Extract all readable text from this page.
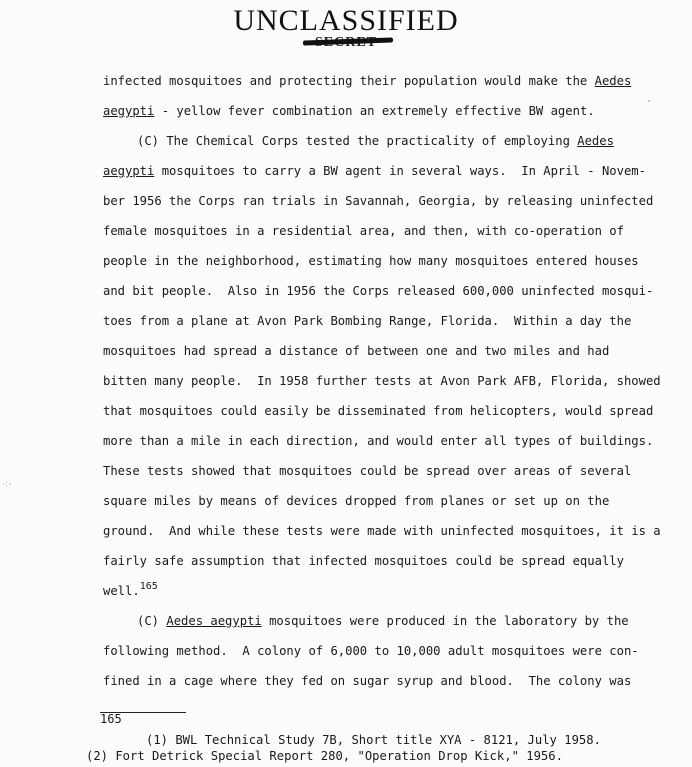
UNCLASSIFIED
⁖·
infected mosquitoes and protecting their population would make the Aedes
aegypti - yellow fever combination an extremely effective BW agent.
(C) The Chemical Corps tested the practicality of employing Aedes
aegypti mosquitoes to carry a BW agent in several ways.  In April - Novem-
ber 1956 the Corps ran trials in Savannah, Georgia, by releasing uninfected
female mosquitoes in a residential area, and then, with co-operation of
people in the neighborhood, estimating how many mosquitoes entered houses
and bit people.  Also in 1956 the Corps released 600,000 uninfected mosqui-
toes from a plane at Avon Park Bombing Range, Florida.  Within a day the
mosquitoes had spread a distance of between one and two miles and had
bitten many people.  In 1958 further tests at Avon Park AFB, Florida, showed
that mosquitoes could easily be disseminated from helicopters, would spread
more than a mile in each direction, and would enter all types of buildings.
These tests showed that mosquitoes could be spread over areas of several
square miles by means of devices dropped from planes or set up on the
ground.  And while these tests were made with uninfected mosquitoes, it is a
fairly safe assumption that infected mosquitoes could be spread equally
well.$^{165}$
(C) Aedes aegypti mosquitoes were produced in the laboratory by the
following method.  A colony of 6,000 to 10,000 adult mosquitoes were con-
fined in a cage where they fed on sugar syrup and blood.  The colony was
165
(1) BWL Technical Study 7B, Short title XYA - 8121, July 1958.
(2) Fort Detrick Special Report 280, "Operation Drop Kick," 1956.
